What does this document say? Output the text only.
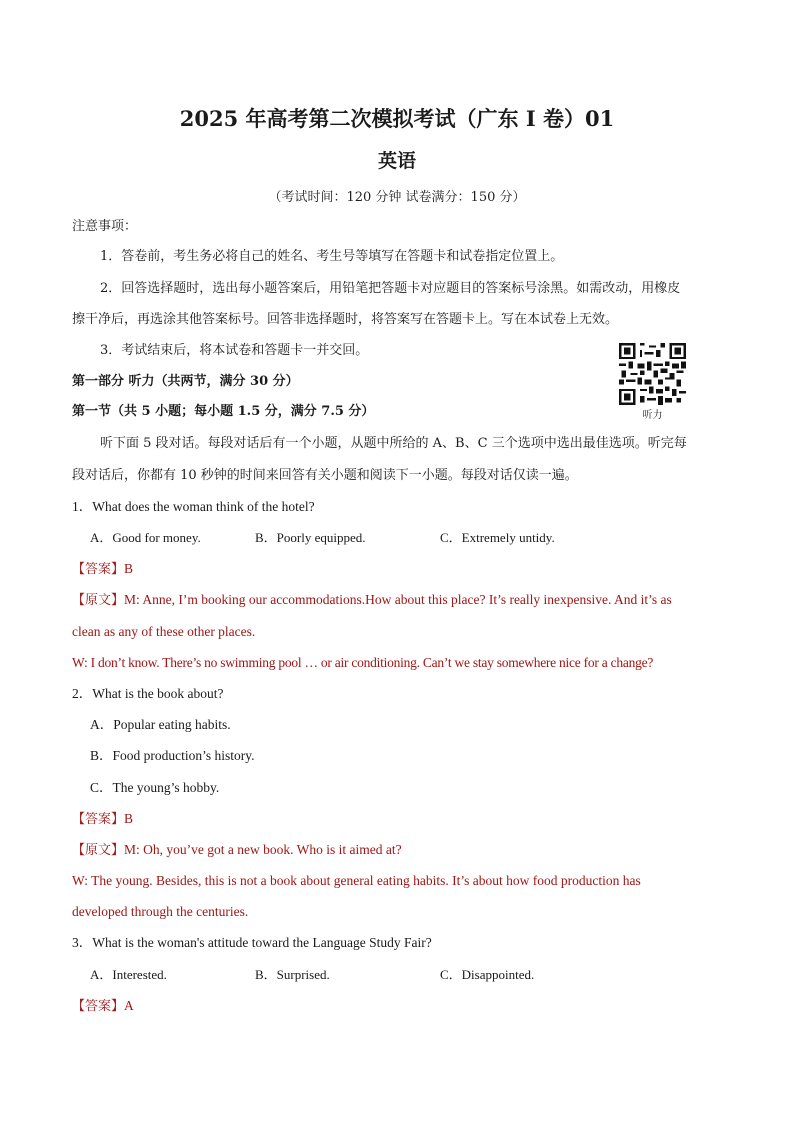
2025 年高考第二次模拟考试（广东 I 卷）01
英语
（考试时间：120 分钟 试卷满分：150 分）
注意事项：
1．答卷前，考生务必将自己的姓名、考生号等填写在答题卡和试卷指定位置上。
2．回答选择题时，选出每小题答案后，用铅笔把答题卡对应题目的答案标号涂黑。如需改动，用橡皮
擦干净后，再选涂其他答案标号。回答非选择题时，将答案写在答题卡上。写在本试卷上无效。
3．考试结束后，将本试卷和答题卡一并交回。
第一部分 听力（共两节，满分 30 分）
第一节（共 5 小题；每小题 1.5 分，满分 7.5 分）	听力
听下面 5 段对话。每段对话后有一个小题，从题中所给的 A、B、C 三个选项中选出最佳选项。听完每
段对话后，你都有 10 秒钟的时间来回答有关小题和阅读下一小题。每段对话仅读一遍。
1．What does the woman think of the hotel?
A．Good for money.	B．Poorly equipped.	C．Extremely untidy.
【答案】B
【原文】M: Anne, I’m booking our accommodations.How about this place? It’s really inexpensive. And it’s as
clean as any of these other places.
W: I don’t know. There’s no swimming pool … or air conditioning. Can’t we stay somewhere nice for a change?
2．What is the book about?
A．Popular eating habits.
B．Food production’s history.
C．The young’s hobby.
【答案】B
【原文】M: Oh, you’ve got a new book. Who is it aimed at?
W: The young. Besides, this is not a book about general eating habits. It’s about how food production has
developed through the centuries.
3．What is the woman's attitude toward the Language Study Fair?
A．Interested.	B．Surprised.	C．Disappointed.
【答案】A
